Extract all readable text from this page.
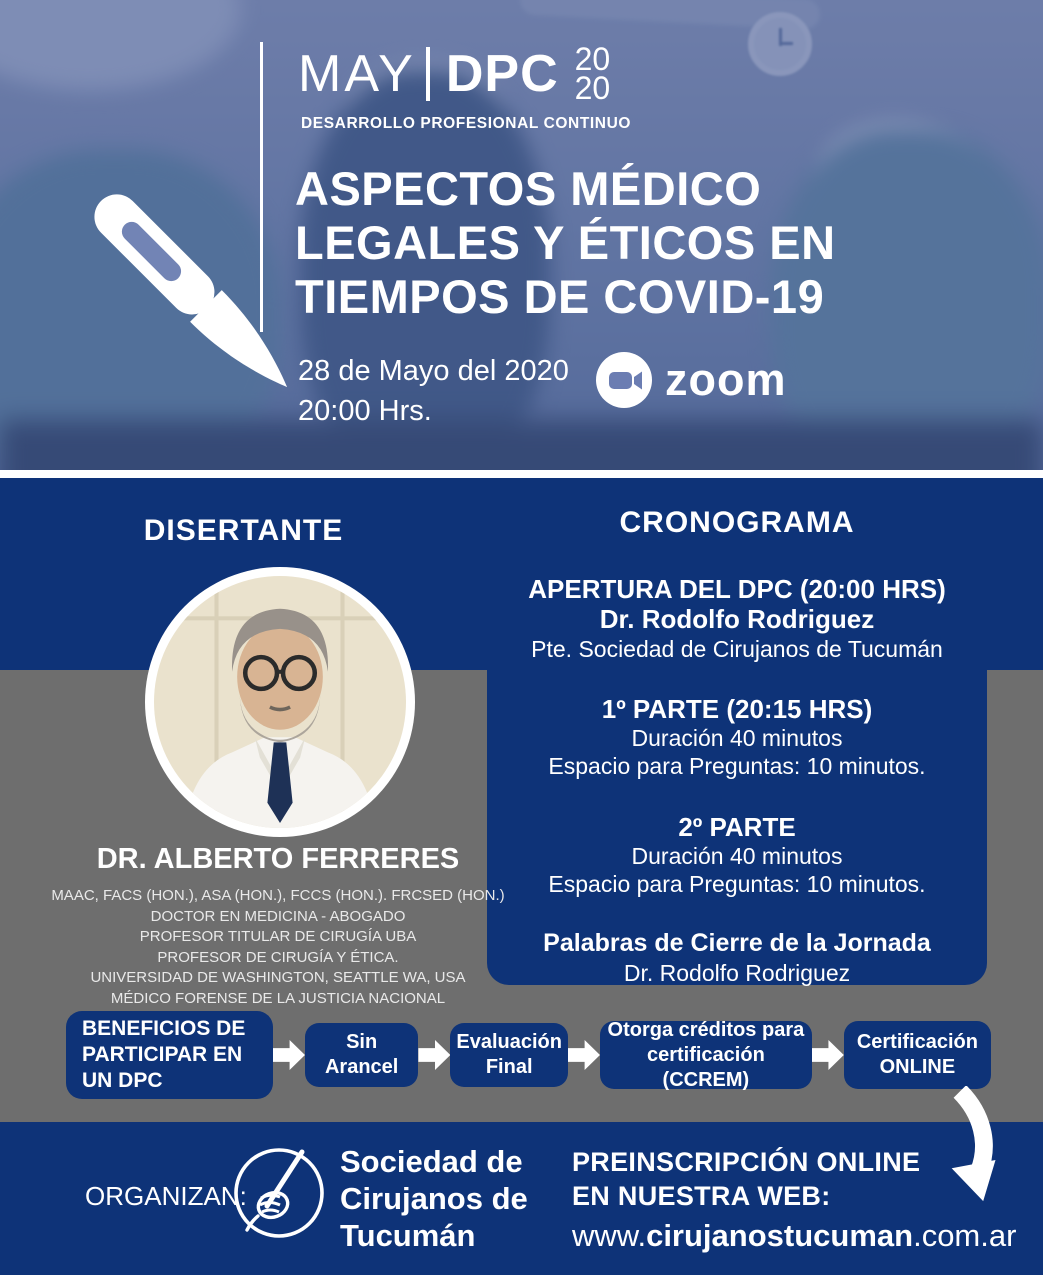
MAY DPC 20
20
DESARROLLO PROFESIONAL CONTINUO
ASPECTOS MÉDICO
LEGALES Y ÉTICOS EN
TIEMPOS DE COVID-19
28 de Mayo del 2020
20:00 Hrs.
zoom
DISERTANTE	CRONOGRAMA
APERTURA DEL DPC (20:00 HRS)
Dr. Rodolfo Rodriguez
Pte. Sociedad de Cirujanos de Tucumán
1º PARTE (20:15 HRS)
Duración 40 minutos
Espacio para Preguntas: 10 minutos.
2º PARTE
Duración 40 minutos
Espacio para Preguntas: 10 minutos.
Palabras de Cierre de la Jornada
Dr. Rodolfo Rodriguez
DR. ALBERTO FERRERES
MAAC, FACS (HON.), ASA (HON.), FCCS (HON.). FRCSED (HON.)
DOCTOR EN MEDICINA - ABOGADO
PROFESOR TITULAR DE CIRUGÍA UBA
PROFESOR DE CIRUGÍA Y ÉTICA.
UNIVERSIDAD DE WASHINGTON, SEATTLE WA, USA
MÉDICO FORENSE DE LA JUSTICIA NACIONAL
BENEFICIOS DE PARTICIPAR EN UN DPC
Sin Arancel
Evaluación Final
Otorga créditos para certificación (CCREM)
Certificación ONLINE
ORGANIZAN:
Sociedad de
Cirujanos de
Tucumán
PREINSCRIPCIÓN ONLINE
EN NUESTRA WEB:
www.cirujanostucuman.com.ar
